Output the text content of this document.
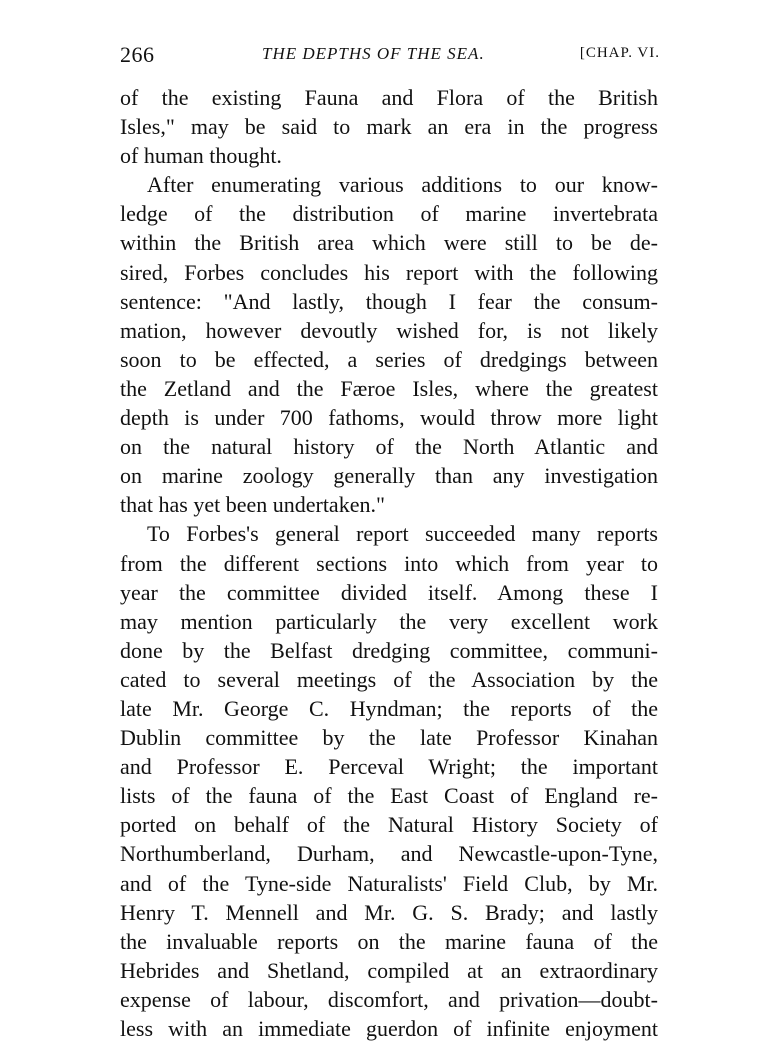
266	THE DEPTHS OF THE SEA.	[CHAP. VI.
of the existing Fauna and Flora of the British
Isles," may be said to mark an era in the progress
of human thought.
After enumerating various additions to our know-
ledge of the distribution of marine invertebrata
within the British area which were still to be de-
sired, Forbes concludes his report with the following
sentence: "And lastly, though I fear the consum-
mation, however devoutly wished for, is not likely
soon to be effected, a series of dredgings between
the Zetland and the Færoe Isles, where the greatest
depth is under 700 fathoms, would throw more light
on the natural history of the North Atlantic and
on marine zoology generally than any investigation
that has yet been undertaken."
To Forbes's general report succeeded many reports
from the different sections into which from year to
year the committee divided itself. Among these I
may mention particularly the very excellent work
done by the Belfast dredging committee, communi-
cated to several meetings of the Association by the
late Mr. George C. Hyndman; the reports of the
Dublin committee by the late Professor Kinahan
and Professor E. Perceval Wright; the important
lists of the fauna of the East Coast of England re-
ported on behalf of the Natural History Society of
Northumberland, Durham, and Newcastle-upon-Tyne,
and of the Tyne-side Naturalists' Field Club, by Mr.
Henry T. Mennell and Mr. G. S. Brady; and lastly
the invaluable reports on the marine fauna of the
Hebrides and Shetland, compiled at an extraordinary
expense of labour, discomfort, and privation—doubt-
less with an immediate guerdon of infinite enjoyment
